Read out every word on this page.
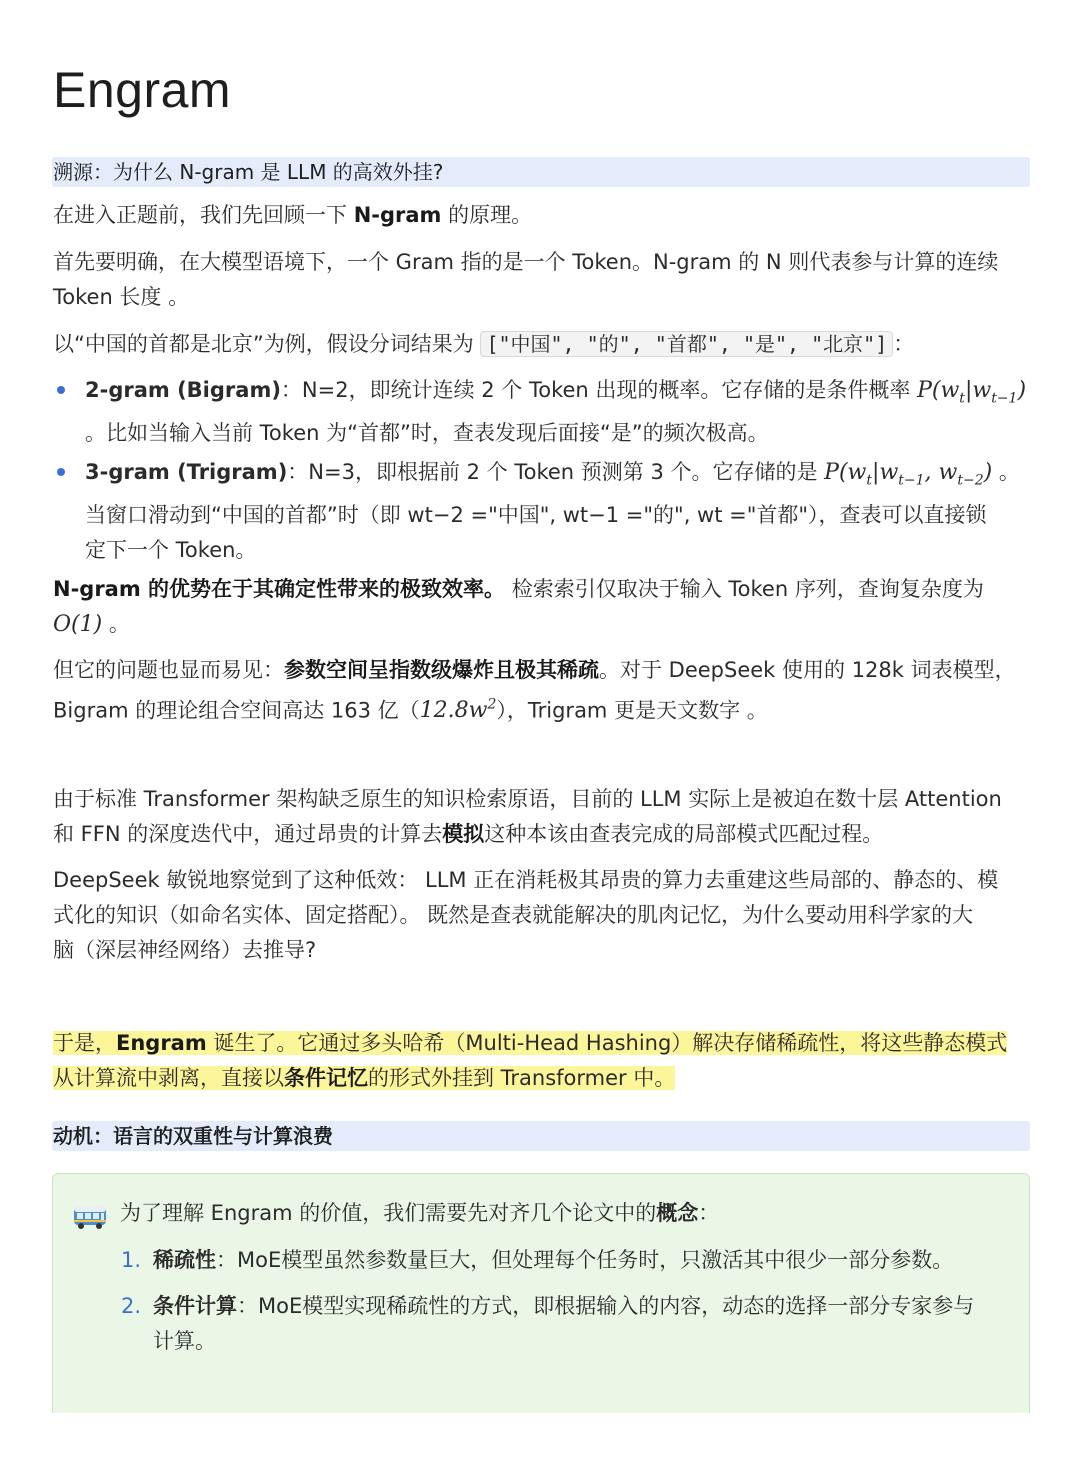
Engram
溯源：为什么 N-gram 是 LLM 的高效外挂?

在进入正题前，我们先回顾一下 N-gram 的原理。

首先要明确，在大模型语境下，一个 Gram 指的是一个 Token。N-gram 的 N 则代表参与计算的连续
Token 长度 。

以“中国的首都是北京”为例，假设分词结果为 ["中国", "的", "首都", "是", "北京"] ：

2-gram (Bigram)：N=2，即统计连续 2 个 Token 出现的概率。它存储的是条件概率 $P(w_t|w_{t-1})$
。比如当输入当前 Token 为“首都”时，查表发现后面接“是”的频次极高。

3-gram (Trigram)：N=3，即根据前 2 个 Token 预测第 3 个。它存储的是 $P(w_t|w_{t-1}$, $w_{t-2}$) 。
当窗口滑动到“中国的首都”时（即 wt−2 ="中国", wt−1 ="的", wt ="首都"），查表可以直接锁
定下一个 Token。

N-gram 的优势在于其确定性带来的极致效率。 检索索引仅取决于输入 Token 序列，查询复杂度为
O(1) 。

但它的问题也显而易见：参数空间呈指数级爆炸且极其稀疏。对于 DeepSeek 使用的 128k 词表模型，
Bigram 的理论组合空间高达 163 亿$(12.8w^2)$，Trigram 更是天文数字 。

由于标准 Transformer 架构缺乏原生的知识检索原语，目前的 LLM 实际上是被迫在数十层 Attention
和 FFN 的深度迭代中，通过昂贵的计算去模拟这种本该由查表完成的局部模式匹配过程。

DeepSeek 敏锐地察觉到了这种低效： LLM 正在消耗极其昂贵的算力去重建这些局部的、静态的、模
式化的知识（如命名实体、固定搭配）。 既然是查表就能解决的肌肉记忆，为什么要动用科学家的大
脑（深层神经网络）去推导?

于是，Engram 诞生了。它通过多头哈希（Multi-Head Hashing）解决存储稀疏性，将这些静态模式
从计算流中剥离，直接以条件记忆的形式外挂到 Transformer 中。

动机：语言的双重性与计算浪费

为了理解 Engram 的价值，我们需要先对齐几个论文中的概念：

1. 稀疏性：MoE模型虽然参数量巨大，但处理每个任务时，只激活其中很少一部分参数。

2. 条件计算：MoE模型实现稀疏性的方式，即根据输入的内容，动态的选择一部分专家参与
计算。
